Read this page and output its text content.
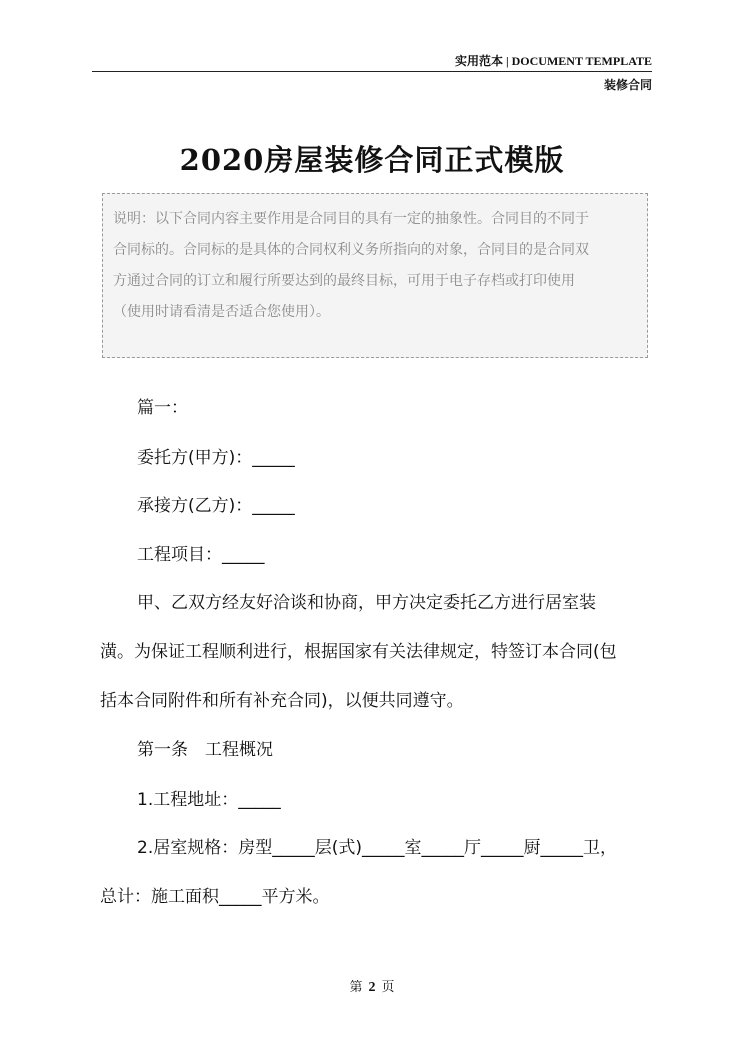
实用范本 | DOCUMENT TEMPLATE
装修合同
2020房屋装修合同正式模版
说明：以下合同内容主要作用是合同目的具有一定的抽象性。合同目的不同于
合同标的。合同标的是具体的合同权利义务所指向的对象，合同目的是合同双
方通过合同的订立和履行所要达到的最终目标，可用于电子存档或打印使用
（使用时请看清是否适合您使用）。
篇一：
委托方(甲方)：_____
承接方(乙方)：_____
工程项目：_____
甲、乙双方经友好洽谈和协商，甲方决定委托乙方进行居室装
潢。为保证工程顺利进行，根据国家有关法律规定，特签订本合同(包
括本合同附件和所有补充合同)，以便共同遵守。
第一条　工程概况
1.工程地址：_____
2.居室规格：房型_____层(式)_____室_____厅_____厨_____卫，
总计：施工面积_____平方米。
第 2 页
